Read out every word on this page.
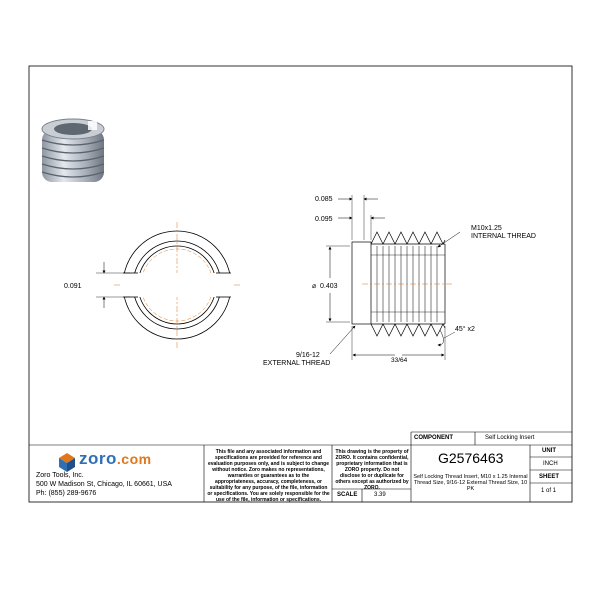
0.085
0.095
0.091	⌀ 0.403
33/64
45° x2
M10x1.25
INTERNAL THREAD
9/16-12
EXTERNAL THREAD
zoro.com
Zoro Tools, Inc.
500 W Madison St, Chicago, IL 60661, USA
Ph: (855) 289-9676
This file and any associated information and specifications are provided for reference and evaluation purposes only, and is subject to change without notice. Zoro makes no representations, warranties or guarantees as to the appropriateness, accuracy, completeness, or suitability for any purpose, of the file, information or specifications. You are solely responsible for the use of the file, information or specifications.
This drawing is the property of ZORO. It contains confidential, proprietary information that is ZORO property. Do not disclose to or duplicate for others except as authorized by ZORO.
COMPONENT	Self Locking Insert
G2576463
Self Locking Thread Insert, M10 x 1.25 Internal Thread Size, 9/16-12 External Thread Size, 10 PK
UNIT
INCH
SHEET
1 of 1
SCALE	3.39
